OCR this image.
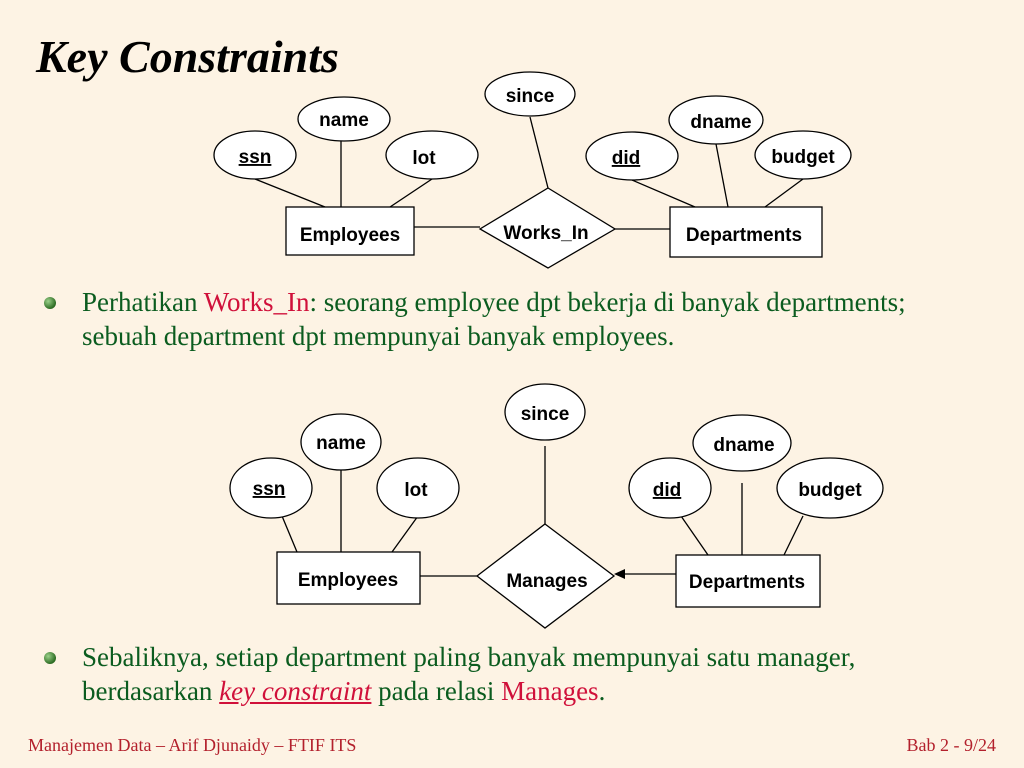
Key Constraints
ssn
name
lot
since
did
dname
budget
Employees	Works_In	Departments
ssn
name
lot
since
did
dname
budget
Employees	Manages	Departments
Perhatikan Works_In: seorang employee dpt bekerja di banyak departments; sebuah department dpt mempunyai banyak employees.
Sebaliknya, setiap department paling banyak mempunyai satu manager, berdasarkan key constraint pada relasi Manages.
Manajemen Data – Arif Djunaidy – FTIF ITS	Bab 2 - 9/24
